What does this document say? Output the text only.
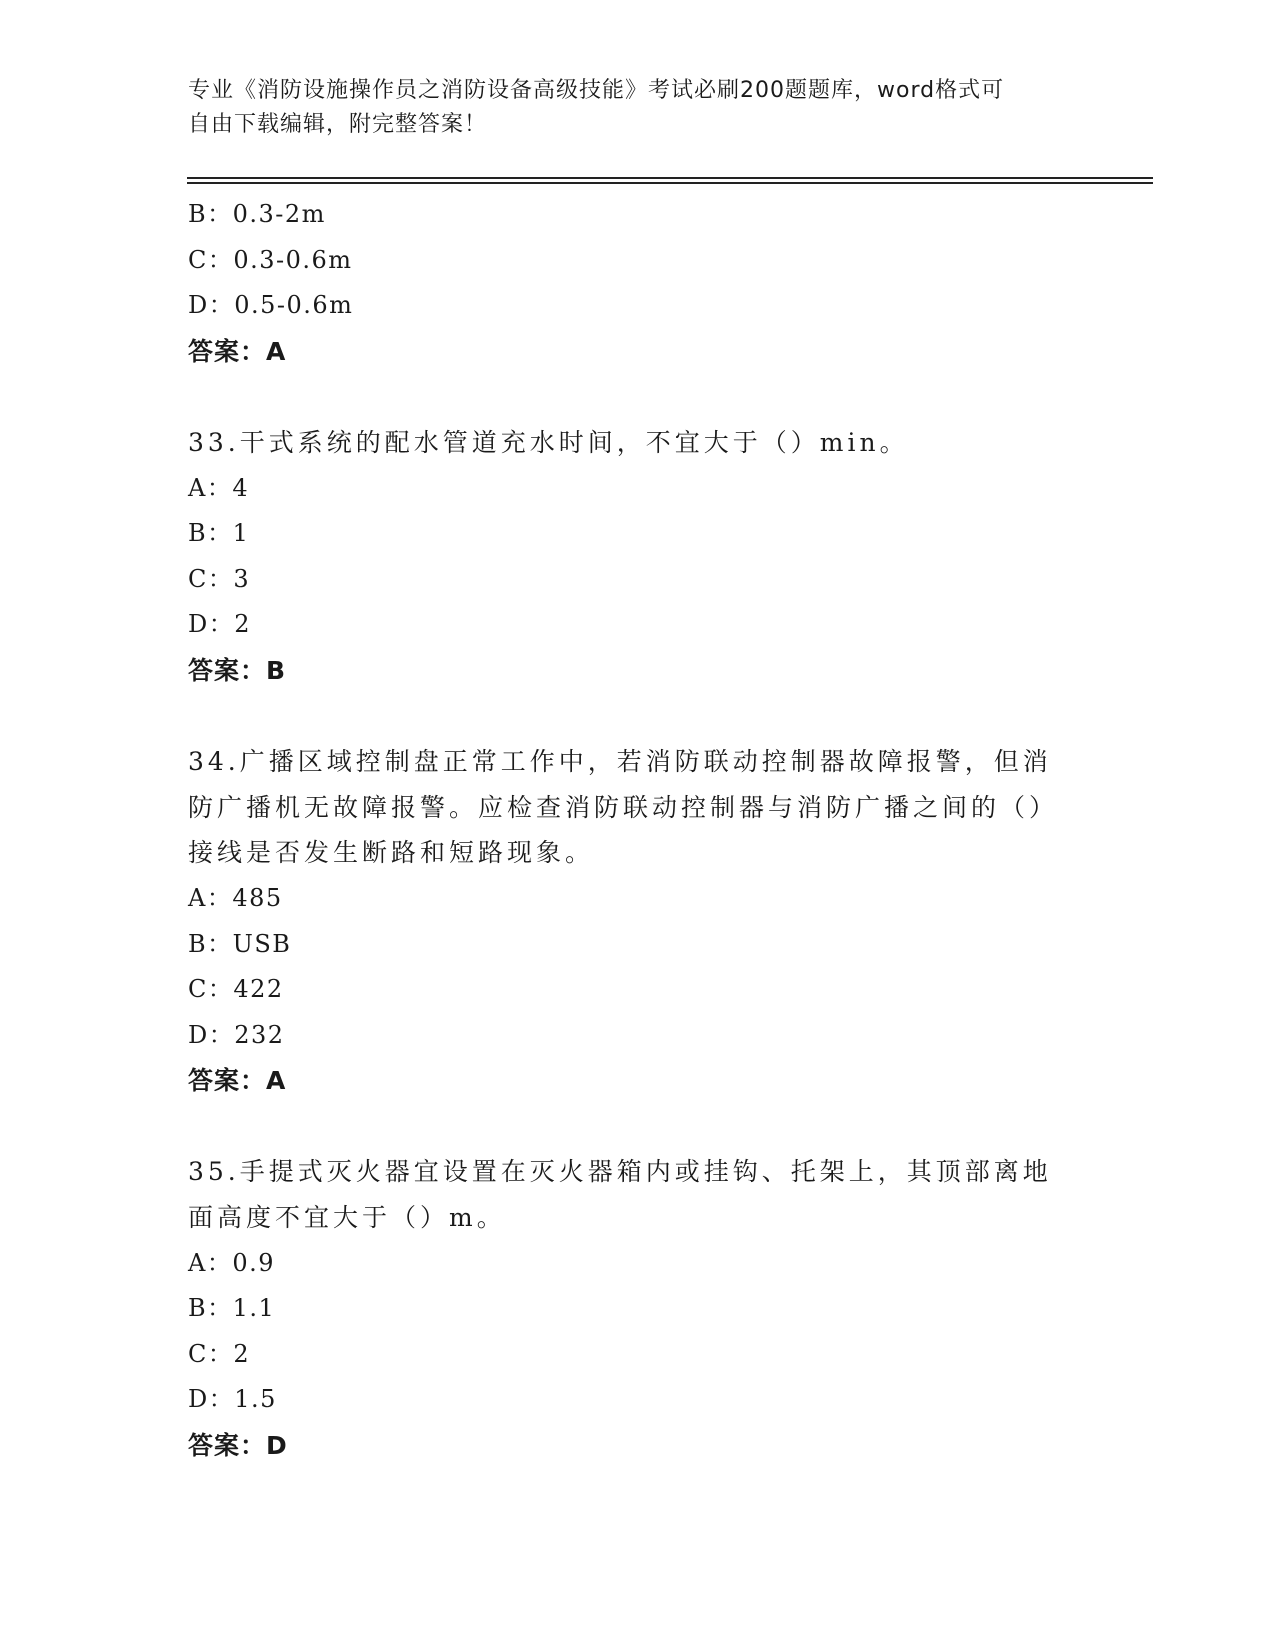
专业《消防设施操作员之消防设备高级技能》考试必刷200题题库，word格式可
自由下载编辑，附完整答案！
B：0.3-2m
C：0.3-0.6m
D：0.5-0.6m
答案：A
33.干式系统的配水管道充水时间，不宜大于（）min。
A：4
B：1
C：3
D：2
答案：B
34.广播区域控制盘正常工作中，若消防联动控制器故障报警，但消防广播机无故障报警。应检查消防联动控制器与消防广播之间的（）接线是否发生断路和短路现象。
A：485
B：USB
C：422
D：232
答案：A
35.手提式灭火器宜设置在灭火器箱内或挂钩、托架上，其顶部离地面高度不宜大于（）m。
A：0.9
B：1.1
C：2
D：1.5
答案：D
